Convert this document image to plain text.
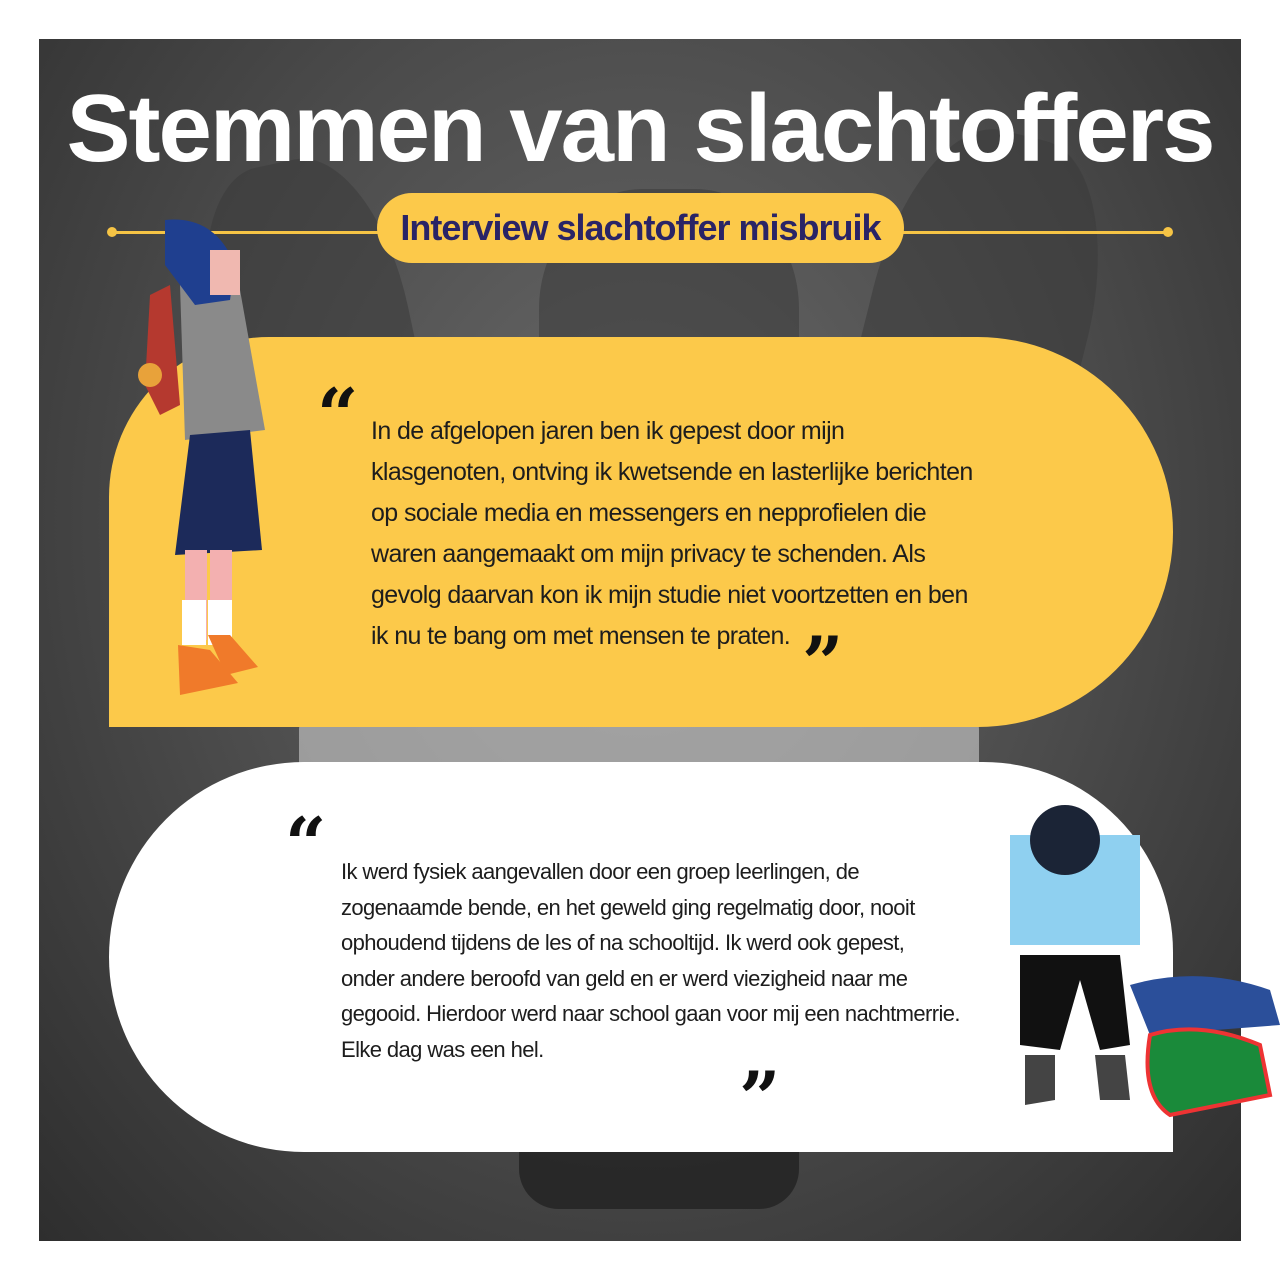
Stemmen van slachtoffers
Interview slachtoffer misbruik
“ In de afgelopen jaren ben ik gepest door mijn
klasgenoten, ontving ik kwetsende en lasterlijke berichten
op sociale media en messengers en nepprofielen die
waren aangemaakt om mijn privacy te schenden. Als
gevolg daarvan kon ik mijn studie niet voortzetten en ben
ik nu te bang om met mensen te praten. ”
“ Ik werd fysiek aangevallen door een groep leerlingen, de
zogenaamde bende, en het geweld ging regelmatig door, nooit
ophoudend tijdens de les of na schooltijd. Ik werd ook gepest,
onder andere beroofd van geld en er werd viezigheid naar me
gegooid. Hierdoor werd naar school gaan voor mij een nachtmerrie.
Elke dag was een hel.
”
